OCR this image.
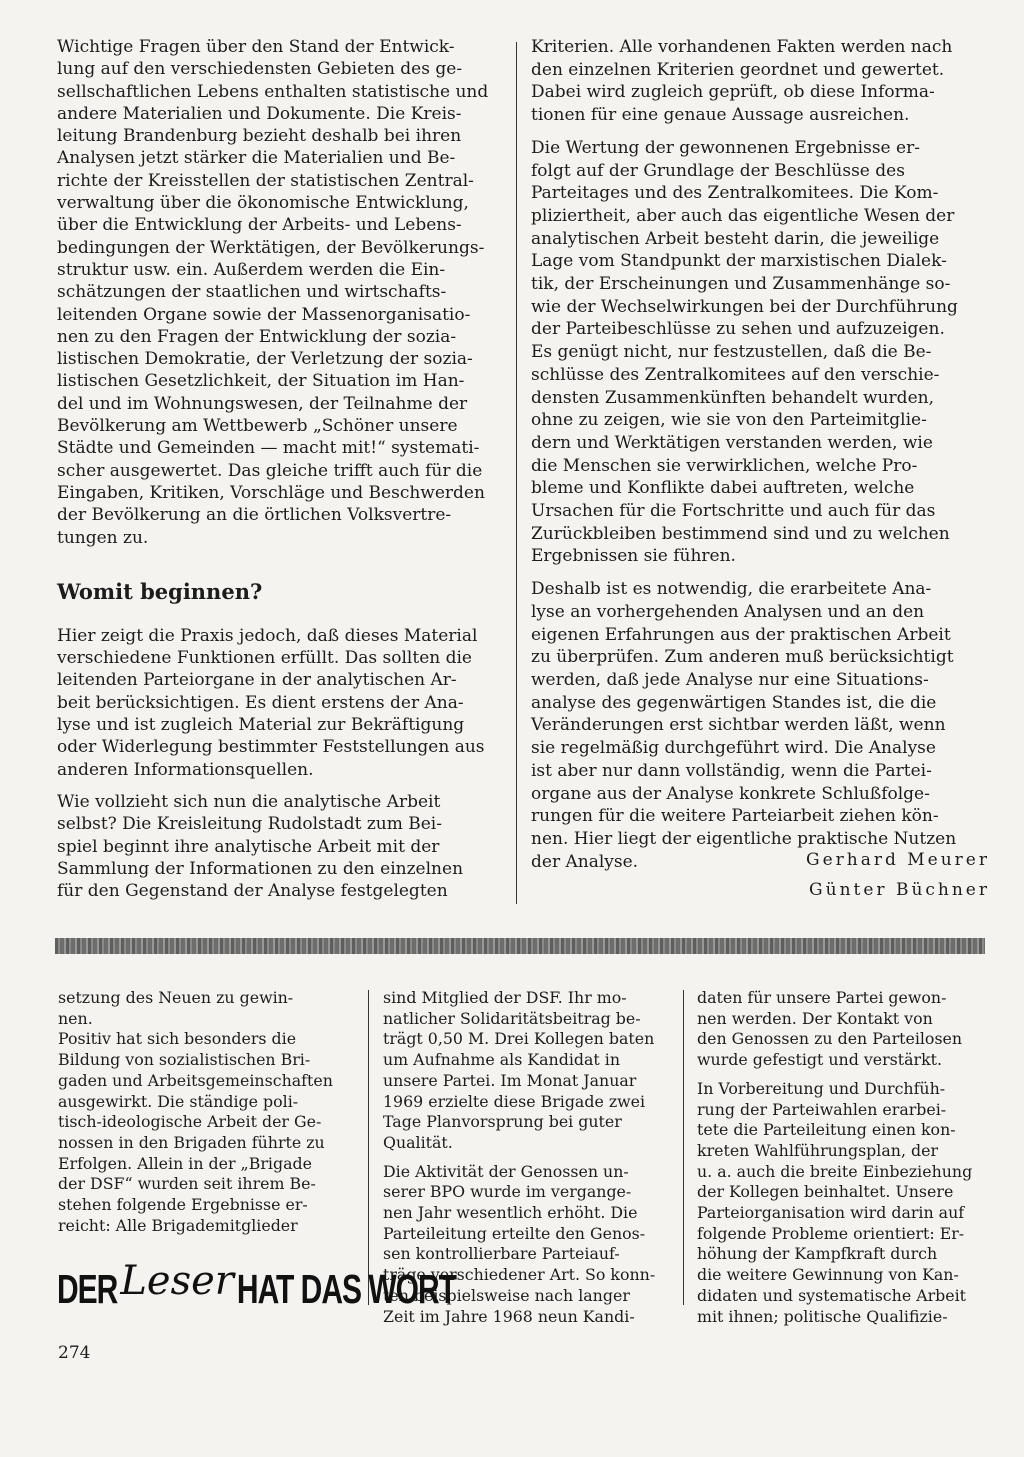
Wichtige Fragen über den Stand der Entwick-
lung auf den verschiedensten Gebieten des ge-
sellschaftlichen Lebens enthalten statistische und
andere Materialien und Dokumente. Die Kreis-
leitung Brandenburg bezieht deshalb bei ihren
Analysen jetzt stärker die Materialien und Be-
richte der Kreisstellen der statistischen Zentral-
verwaltung über die ökonomische Entwicklung,
über die Entwicklung der Arbeits- und Lebens-
bedingungen der Werktätigen, der Bevölkerungs-
struktur usw. ein. Außerdem werden die Ein-
schätzungen der staatlichen und wirtschafts-
leitenden Organe sowie der Massenorganisatio-
nen zu den Fragen der Entwicklung der sozia-
listischen Demokratie, der Verletzung der sozia-
listischen Gesetzlichkeit, der Situation im Han-
del und im Wohnungswesen, der Teilnahme der
Bevölkerung am Wettbewerb „Schöner unsere
Städte und Gemeinden — macht mit!“ systemati-
scher ausgewertet. Das gleiche trifft auch für die
Eingaben, Kritiken, Vorschläge und Beschwerden
der Bevölkerung an die örtlichen Volksvertre-
tungen zu.

Womit beginnen?

Hier zeigt die Praxis jedoch, daß dieses Material
verschiedene Funktionen erfüllt. Das sollten die
leitenden Parteiorgane in der analytischen Ar-
beit berücksichtigen. Es dient erstens der Ana-
lyse und ist zugleich Material zur Bekräftigung
oder Widerlegung bestimmter Feststellungen aus
anderen Informationsquellen.

Wie vollzieht sich nun die analytische Arbeit
selbst? Die Kreisleitung Rudolstadt zum Bei-
spiel beginnt ihre analytische Arbeit mit der
Sammlung der Informationen zu den einzelnen
für den Gegenstand der Analyse festgelegten

Kriterien. Alle vorhandenen Fakten werden nach
den einzelnen Kriterien geordnet und gewertet.
Dabei wird zugleich geprüft, ob diese Informa-
tionen für eine genaue Aussage ausreichen.

Die Wertung der gewonnenen Ergebnisse er-
folgt auf der Grundlage der Beschlüsse des
Parteitages und des Zentralkomitees. Die Kom-
pliziertheit, aber auch das eigentliche Wesen der
analytischen Arbeit besteht darin, die jeweilige
Lage vom Standpunkt der marxistischen Dialek-
tik, der Erscheinungen und Zusammenhänge so-
wie der Wechselwirkungen bei der Durchführung
der Parteibeschlüsse zu sehen und aufzuzeigen.
Es genügt nicht, nur festzustellen, daß die Be-
schlüsse des Zentralkomitees auf den verschie-
densten Zusammenkünften behandelt wurden,
ohne zu zeigen, wie sie von den Parteimitglie-
dern und Werktätigen verstanden werden, wie
die Menschen sie verwirklichen, welche Pro-
bleme und Konflikte dabei auftreten, welche
Ursachen für die Fortschritte und auch für das
Zurückbleiben bestimmend sind und zu welchen
Ergebnissen sie führen.

Deshalb ist es notwendig, die erarbeitete Ana-
lyse an vorhergehenden Analysen und an den
eigenen Erfahrungen aus der praktischen Arbeit
zu überprüfen. Zum anderen muß berücksichtigt
werden, daß jede Analyse nur eine Situations-
analyse des gegenwärtigen Standes ist, die die
Veränderungen erst sichtbar werden läßt, wenn
sie regelmäßig durchgeführt wird. Die Analyse
ist aber nur dann vollständig, wenn die Partei-
organe aus der Analyse konkrete Schlußfolge-
rungen für die weitere Parteiarbeit ziehen kön-
nen. Hier liegt der eigentliche praktische Nutzen
der Analyse.	Gerhard Meurer
Günter Büchner

setzung des Neuen zu gewin-
nen.

Positiv hat sich besonders die
Bildung von sozialistischen Bri-
gaden und Arbeitsgemeinschaften
ausgewirkt. Die ständige poli-
tisch-ideologische Arbeit der Ge-
nossen in den Brigaden führte zu
Erfolgen. Allein in der „Brigade
der DSF“ wurden seit ihrem Be-
stehen folgende Ergebnisse er-
reicht: Alle Brigademitglieder

sind Mitglied der DSF. Ihr mo-
natlicher Solidaritätsbeitrag be-
trägt 0,50 M. Drei Kollegen baten
um Aufnahme als Kandidat in
unsere Partei. Im Monat Januar
1969 erzielte diese Brigade zwei
Tage Planvorsprung bei guter
Qualität.

Die Aktivität der Genossen un-
serer BPO wurde im vergange-
nen Jahr wesentlich erhöht. Die
Parteileitung erteilte den Genos-
sen kontrollierbare Parteiauf-
träge verschiedener Art. So konn-
ten beispielsweise nach langer
Zeit im Jahre 1968 neun Kandi-

daten für unsere Partei gewon-
nen werden. Der Kontakt von
den Genossen zu den Parteilosen
wurde gefestigt und verstärkt.

In Vorbereitung und Durchfüh-
rung der Parteiwahlen erarbei-
tete die Parteileitung einen kon-
kreten Wahlführungsplan, der
u. a. auch die breite Einbeziehung
der Kollegen beinhaltet. Unsere
Parteiorganisation wird darin auf
folgende Probleme orientiert: Er-
höhung der Kampfkraft durch
die weitere Gewinnung von Kan-
didaten und systematische Arbeit
mit ihnen; politische Qualifizie-

DER Leser HAT DAS WORT
274
